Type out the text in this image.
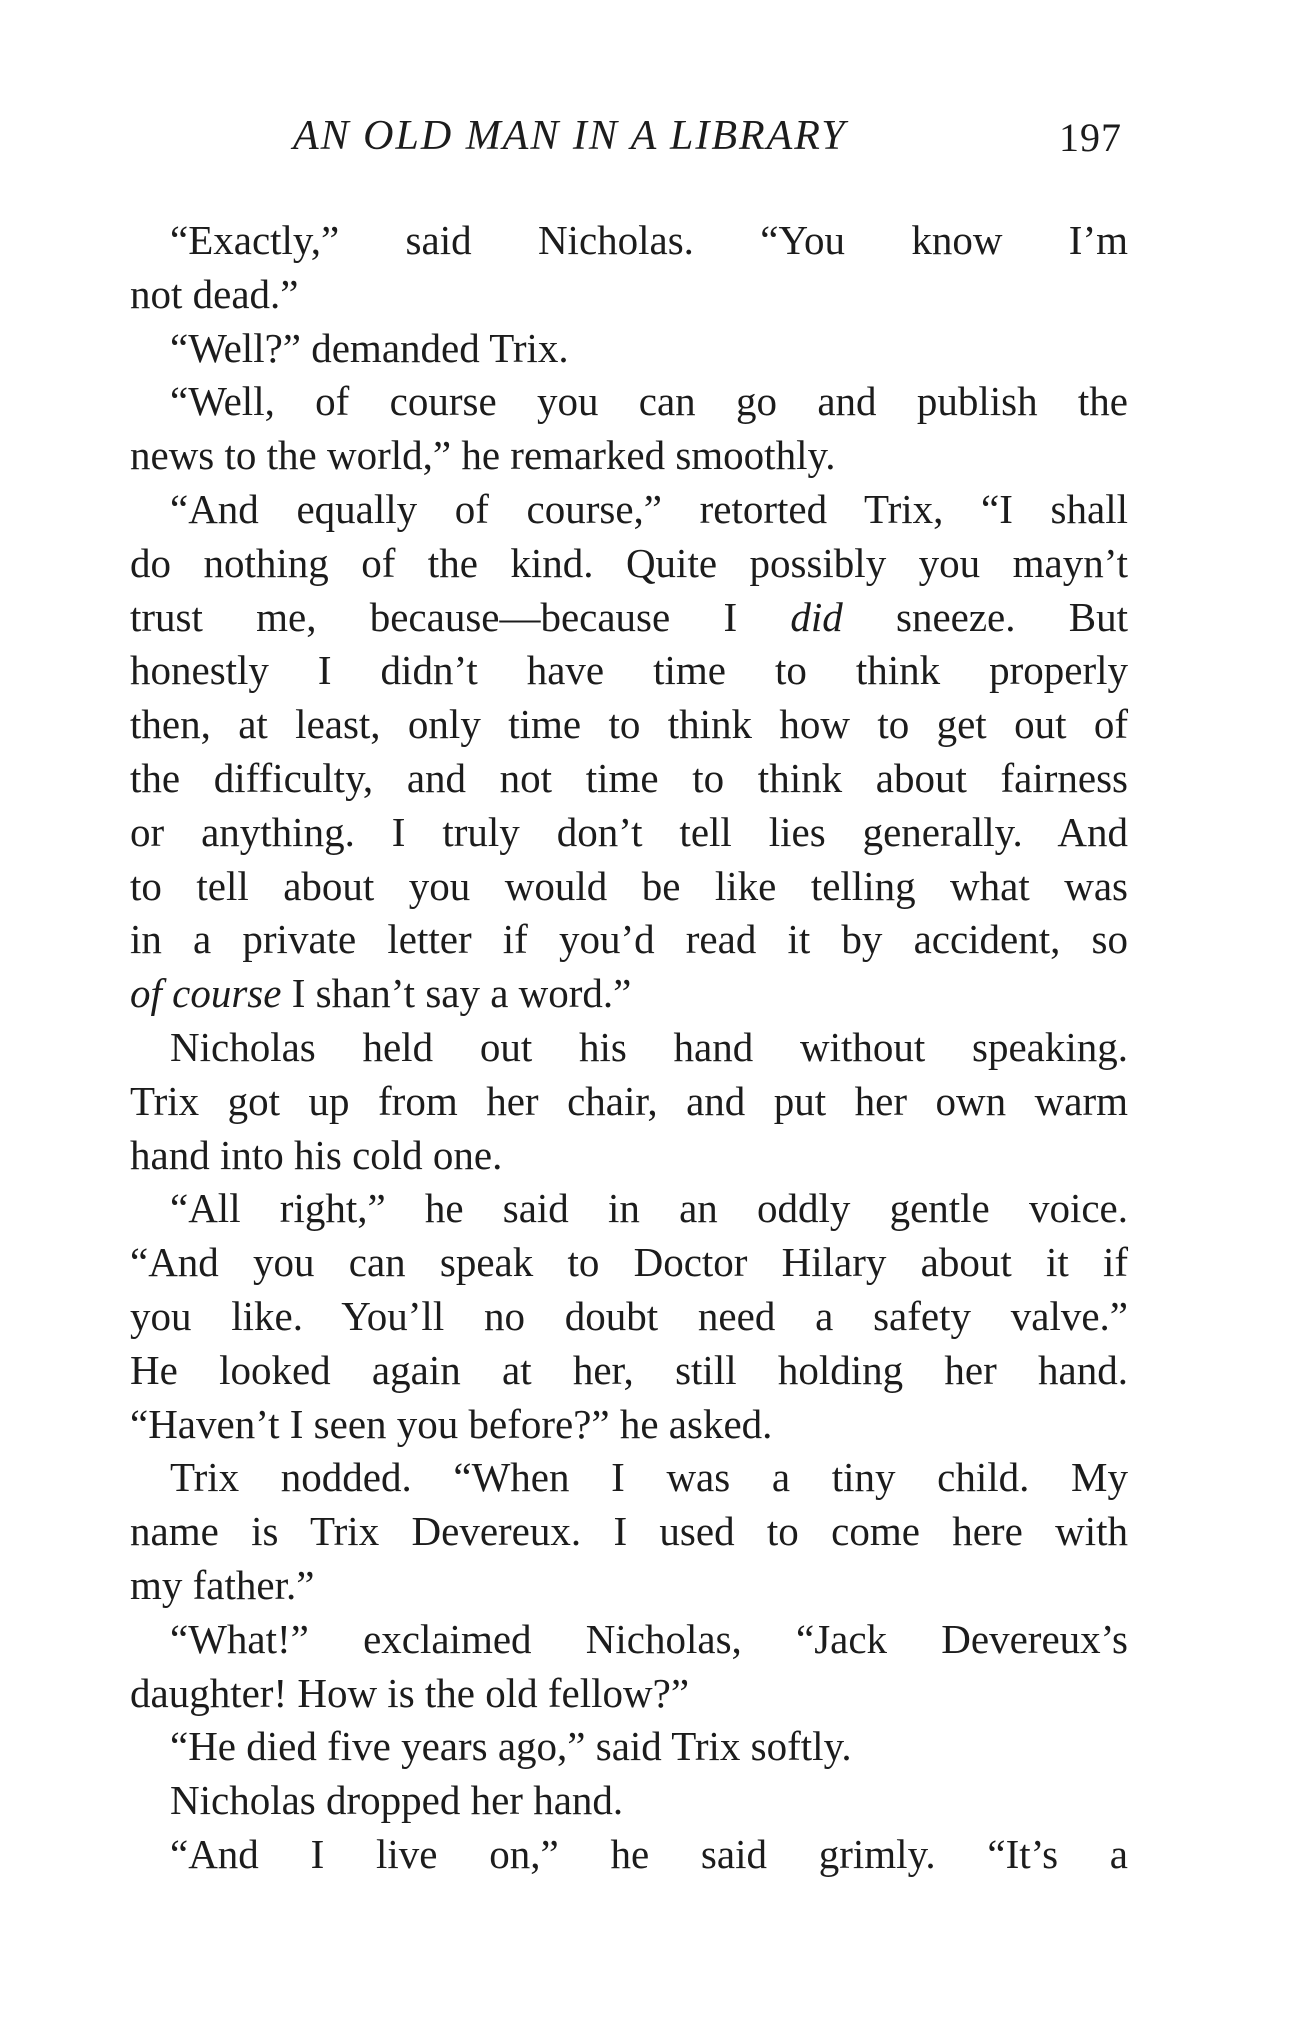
AN OLD MAN IN A LIBRARY	197
“Exactly,” said Nicholas. “You know I’m
not dead.”
“Well?” demanded Trix.
“Well, of course you can go and publish the
news to the world,” he remarked smoothly.
“And equally of course,” retorted Trix, “I shall
do nothing of the kind. Quite possibly you mayn’t
trust me, because—because I did sneeze. But
honestly I didn’t have time to think properly
then, at least, only time to think how to get out of
the difficulty, and not time to think about fairness
or anything. I truly don’t tell lies generally. And
to tell about you would be like telling what was
in a private letter if you’d read it by accident, so
of course I shan’t say a word.”
Nicholas held out his hand without speaking.
Trix got up from her chair, and put her own warm
hand into his cold one.
“All right,” he said in an oddly gentle voice.
“And you can speak to Doctor Hilary about it if
you like. You’ll no doubt need a safety valve.”
He looked again at her, still holding her hand.
“Haven’t I seen you before?” he asked.
Trix nodded. “When I was a tiny child. My
name is Trix Devereux. I used to come here with
my father.”
“What!” exclaimed Nicholas, “Jack Devereux’s
daughter! How is the old fellow?”
“He died five years ago,” said Trix softly.
Nicholas dropped her hand.
“And I live on,” he said grimly. “It’s a
